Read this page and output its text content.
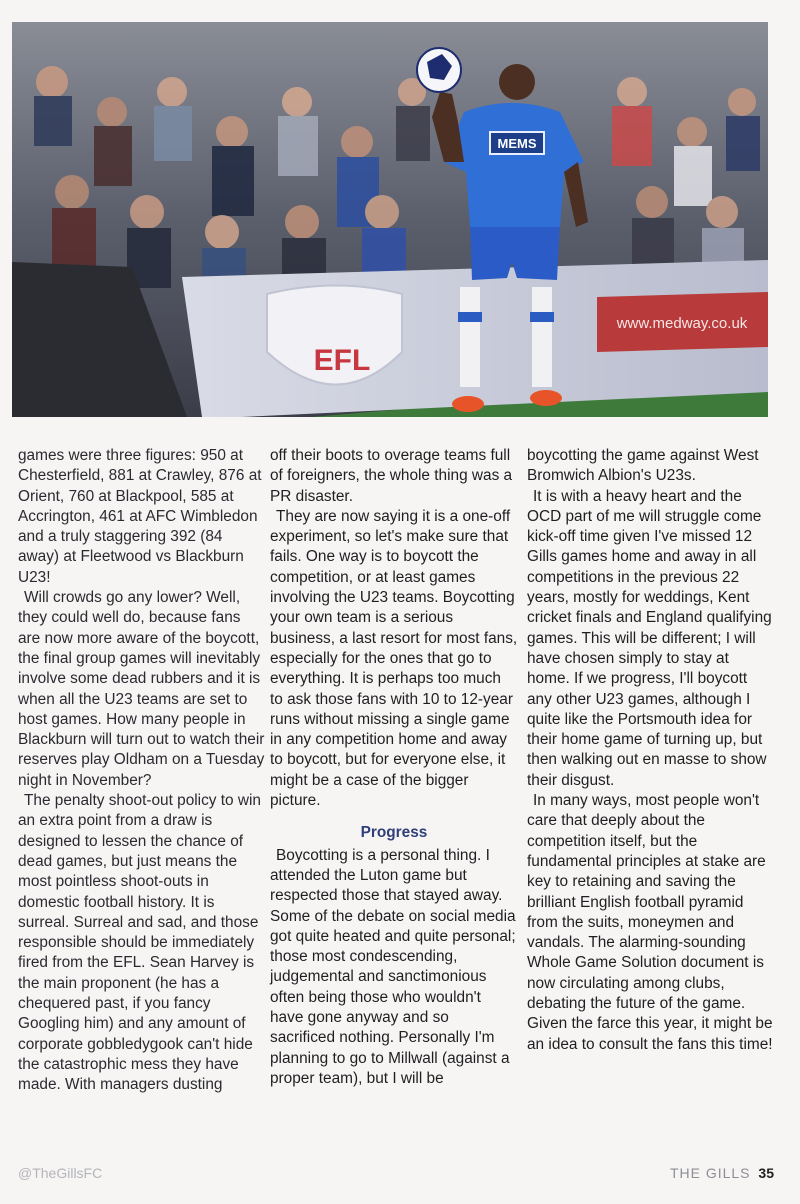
EFL
www.medway.co.uk
MEMS

games were three figures: 950 at Chesterfield, 881 at Crawley, 876 at Orient, 760 at Blackpool, 585 at Accrington, 461 at AFC Wimbledon and a truly staggering 392 (84 away) at Fleetwood vs Blackburn U23!

Will crowds go any lower? Well, they could well do, because fans are now more aware of the boycott, the final group games will inevitably involve some dead rubbers and it is when all the U23 teams are set to host games. How many people in Blackburn will turn out to watch their reserves play Oldham on a Tuesday night in November?

The penalty shoot-out policy to win an extra point from a draw is designed to lessen the chance of dead games, but just means the most pointless shoot-outs in domestic football history. It is surreal. Surreal and sad, and those responsible should be immediately fired from the EFL. Sean Harvey is the main proponent (he has a chequered past, if you fancy Googling him) and any amount of corporate gobbledygook can't hide the catastrophic mess they have made. With managers dusting

off their boots to overage teams full of foreigners, the whole thing was a PR disaster.

They are now saying it is a one-off experiment, so let's make sure that fails. One way is to boycott the competition, or at least games involving the U23 teams. Boycotting your own team is a serious business, a last resort for most fans, especially for the ones that go to everything. It is perhaps too much to ask those fans with 10 to 12-year runs without missing a single game in any competition home and away to boycott, but for everyone else, it might be a case of the bigger picture.

Progress

Boycotting is a personal thing. I attended the Luton game but respected those that stayed away. Some of the debate on social media got quite heated and quite personal; those most condescending, judgemental and sanctimonious often being those who wouldn't have gone anyway and so sacrificed nothing. Personally I'm planning to go to Millwall (against a proper team), but I will be

boycotting the game against West Bromwich Albion's U23s.

It is with a heavy heart and the OCD part of me will struggle come kick-off time given I've missed 12 Gills games home and away in all competitions in the previous 22 years, mostly for weddings, Kent cricket finals and England qualifying games. This will be different; I will have chosen simply to stay at home. If we progress, I'll boycott any other U23 games, although I quite like the Portsmouth idea for their home game of turning up, but then walking out en masse to show their disgust.

In many ways, most people won't care that deeply about the competition itself, but the fundamental principles at stake are key to retaining and saving the brilliant English football pyramid from the suits, moneymen and vandals. The alarming-sounding Whole Game Solution document is now circulating among clubs, debating the future of the game. Given the farce this year, it might be an idea to consult the fans this time!

@TheGillsFC	THE GILLS 35
